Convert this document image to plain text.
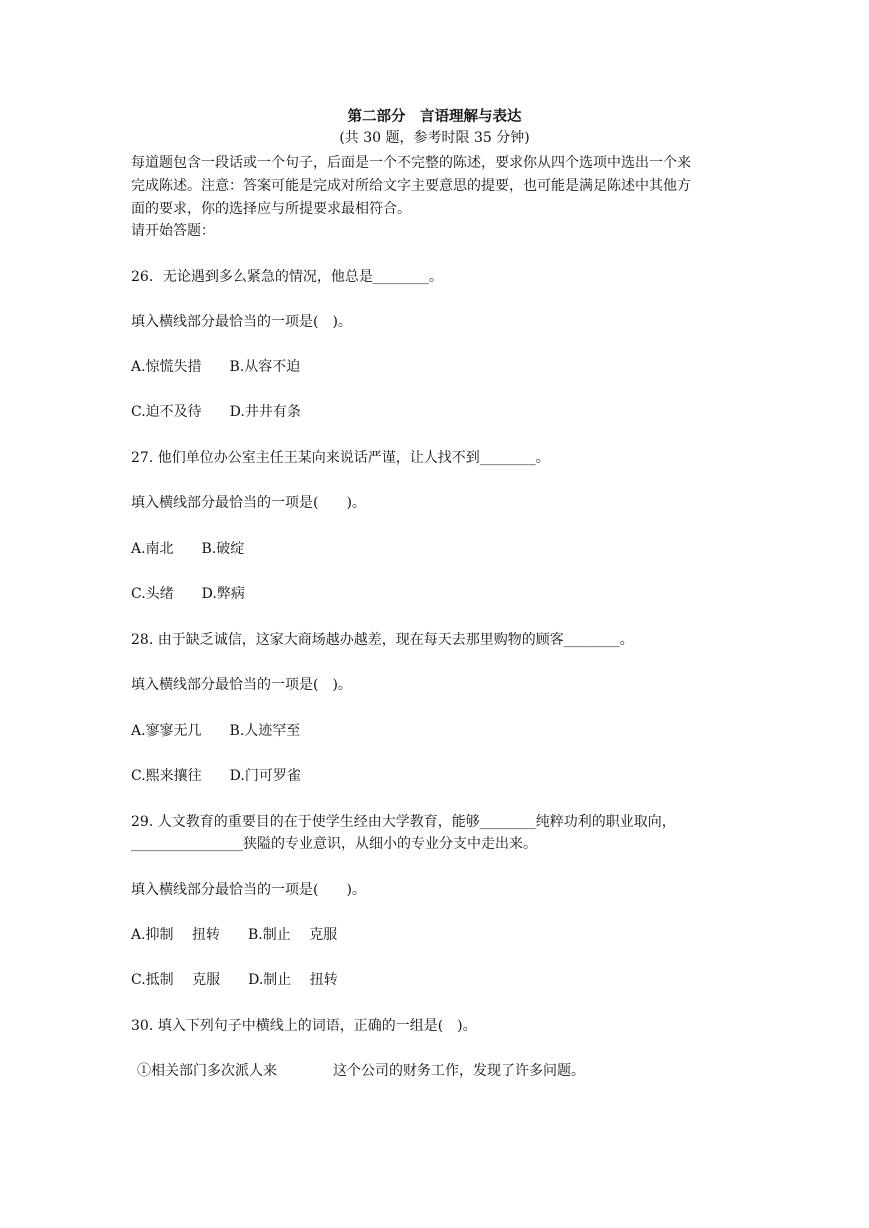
第二部分　言语理解与表达
(共 30 题，参考时限 35 分钟)
每道题包含一段话或一个句子，后面是一个不完整的陈述，要求你从四个选项中选出一个来
完成陈述。注意：答案可能是完成对所给文字主要意思的提要，也可能是满足陈述中其他方
面的要求，你的选择应与所提要求最相符合。
请开始答题：
26．无论遇到多么紧急的情况，他总是________。
填入横线部分最恰当的一项是(　)。
A.惊慌失措　　B.从容不迫
C.迫不及待　　D.井井有条
27. 他们单位办公室主任王某向来说话严谨，让人找不到________。
填入横线部分最恰当的一项是(　　)。
A.南北　　B.破绽
C.头绪　　D.弊病
28. 由于缺乏诚信，这家大商场越办越差，现在每天去那里购物的顾客________。
填入横线部分最恰当的一项是(　)。
A.寥寥无几　　B.人迹罕至
C.熙来攘往　　D.门可罗雀
29. 人文教育的重要目的在于使学生经由大学教育，能够________纯粹功利的职业取向，
________________狭隘的专业意识，从细小的专业分支中走出来。
填入横线部分最恰当的一项是(　　)。
A.抑制　 扭转　　B.制止　 克服
C.抵制　 克服　　D.制止　 扭转
30. 填入下列句子中横线上的词语，正确的一组是(　)。
①相关部门多次派人来　　　　这个公司的财务工作，发现了许多问题。
